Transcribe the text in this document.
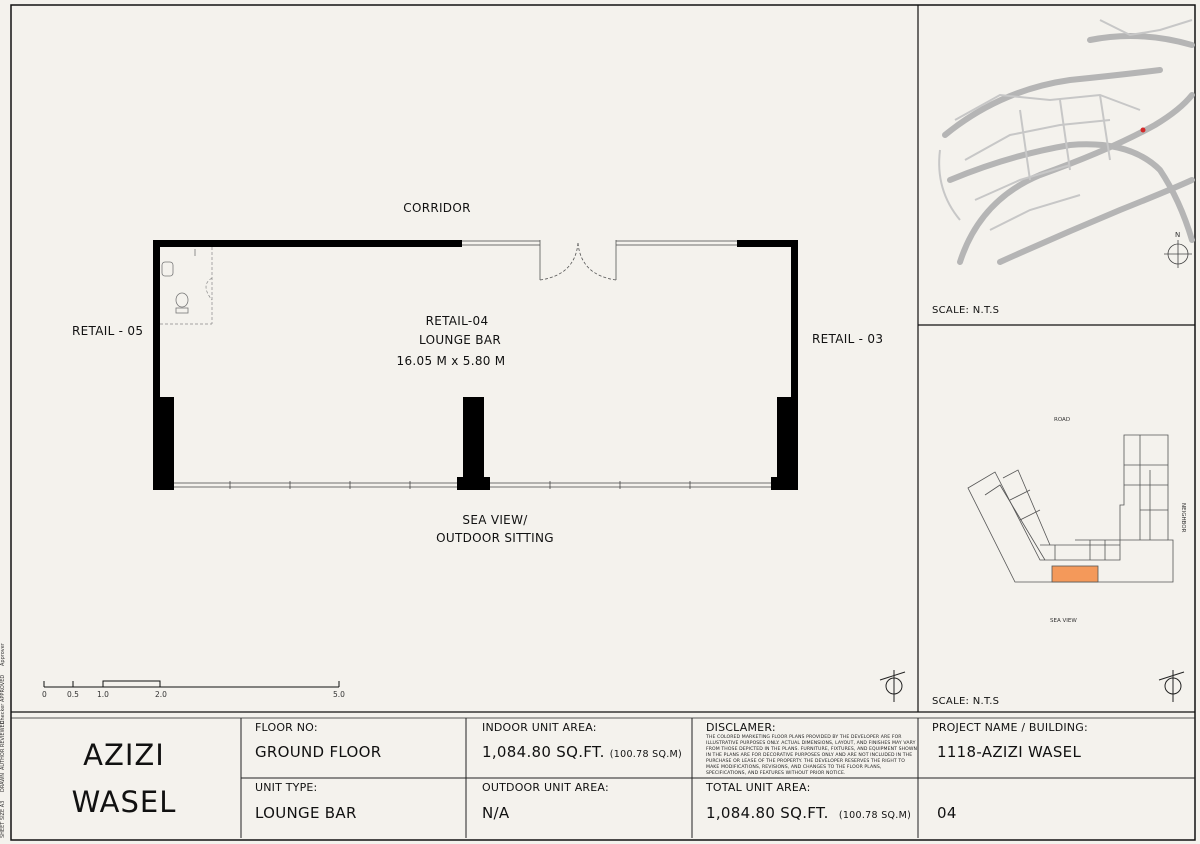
CORRIDOR
RETAIL - 05
RETAIL - 03
RETAIL-04
LOUNGE BAR
16.05 M x 5.80 M
SEA VIEW/
OUTDOOR SITTING
0	0.5 1.0	2.0	5.0
N
SCALE: N.T.S
ROAD
SEA VIEW
NEIGHBOR
SCALE: N.T.S
SHEET SIZE A3
DRAWN
AUTHOR REVIEWED
Checker
APPROVED
Approver
AZIZI
WASEL
FLOOR NO:
GROUND FLOOR
UNIT TYPE:
LOUNGE BAR
INDOOR UNIT AREA:
1,084.80 SQ.FT. (100.78 SQ.M)
OUTDOOR UNIT AREA:
N/A
DISCLAMER:
THE COLORED MARKETING FLOOR PLANS PROVIDED BY THE DEVELOPER ARE FOR ILLUSTRATIVE PURPOSES ONLY. ACTUAL DIMENSIONS, LAYOUT, AND FINISHES MAY VARY FROM THOSE DEPICTED IN THE PLANS. FURNITURE, FIXTURES, AND EQUIPMENT SHOWN IN THE PLANS ARE FOR DECORATIVE PURPOSES ONLY AND ARE NOT INCLUDED IN THE PURCHASE OR LEASE OF THE PROPERTY. THE DEVELOPER RESERVES THE RIGHT TO MAKE MODIFICATIONS, REVISIONS, AND CHANGES TO THE FLOOR PLANS, SPECIFICATIONS, AND FEATURES WITHOUT PRIOR NOTICE.
TOTAL UNIT AREA:
1,084.80 SQ.FT. (100.78 SQ.M)
PROJECT NAME / BUILDING:
1118-AZIZI WASEL
04
